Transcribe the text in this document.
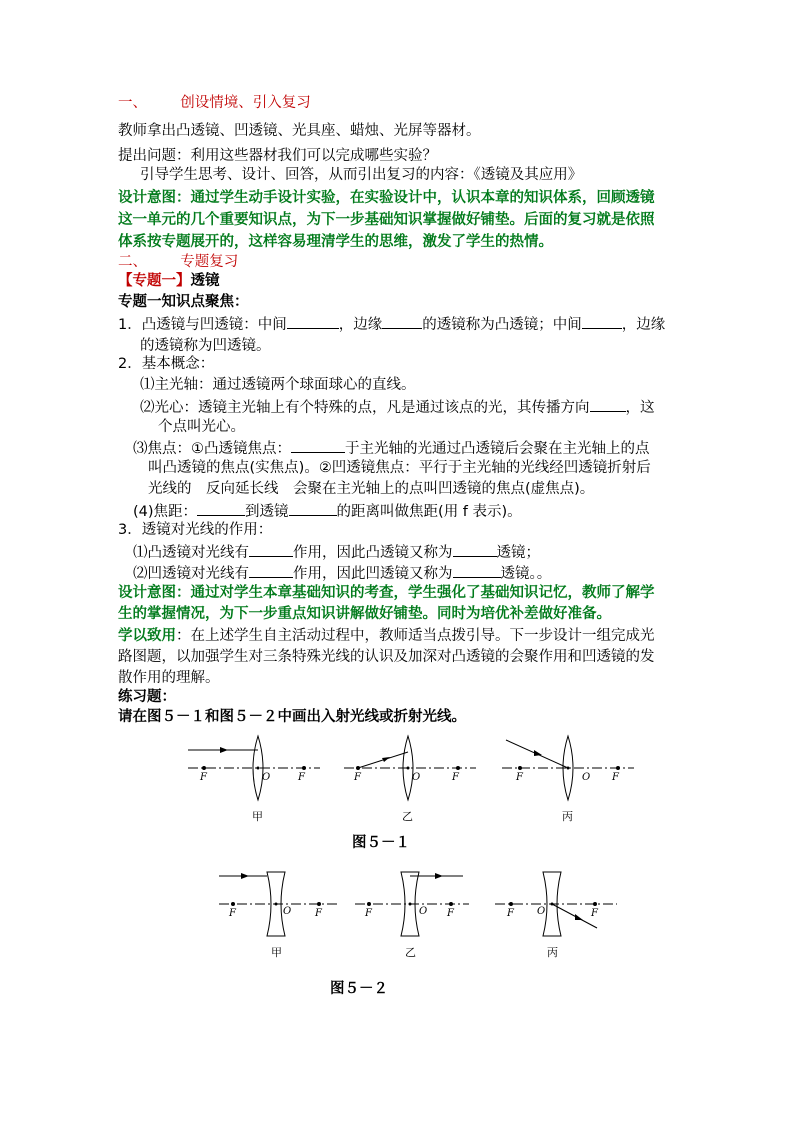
一、 创设情境、引入复习
教师拿出凸透镜、凹透镜、光具座、蜡烛、光屏等器材。
提出问题：利用这些器材我们可以完成哪些实验？
引导学生思考、设计、回答，从而引出复习的内容：《透镜及其应用》
设计意图：通过学生动手设计实验，在实验设计中，认识本章的知识体系，回顾透镜
这一单元的几个重要知识点，为下一步基础知识掌握做好铺垫。后面的复习就是依照
体系按专题展开的，这样容易理清学生的思维，激发了学生的热情。
二、 专题复习
【专题一】透镜
专题一知识点聚焦：
1．凸透镜与凹透镜：中间	，边缘	的透镜称为凸透镜；中间	，边缘
的透镜称为凹透镜。
2．基本概念：
⑴主光轴：通过透镜两个球面球心的直线。
⑵光心：透镜主光轴上有个特殊的点，凡是通过该点的光，其传播方向 ，这
个点叫光心。
⑶焦点：①凸透镜焦点：	于主光轴的光通过凸透镜后会聚在主光轴上的点
叫凸透镜的焦点(实焦点)。②凹透镜焦点：平行于主光轴的光线经凹透镜折射后
光线的　反向延长线　会聚在主光轴上的点叫凹透镜的焦点(虚焦点)。
(4)焦距：	到透镜	的距离叫做焦距(用 f 表示)。
3．透镜对光线的作用：
⑴凸透镜对光线有	作用，因此凸透镜又称为	透镜；
⑵凹透镜对光线有	作用，因此凹透镜又称为	透镜。。
设计意图：通过对学生本章基础知识的考查，学生强化了基础知识记忆，教师了解学
生的掌握情况，为下一步重点知识讲解做好铺垫。同时为培优补差做好准备。
学以致用：在上述学生自主活动过程中，教师适当点拨引导。下一步设计一组完成光
路图题，以加强学生对三条特殊光线的认识及加深对凸透镜的会聚作用和凹透镜的发
散作用的理解。
练习题：
请在图５－１和图５－２中画出入射光线或折射光线。
F	F
O
甲
F	F
O
乙
F	F
O
丙
图５－１
F	F
O
甲
F	F
O
乙
F	F
O
丙
图５－２
